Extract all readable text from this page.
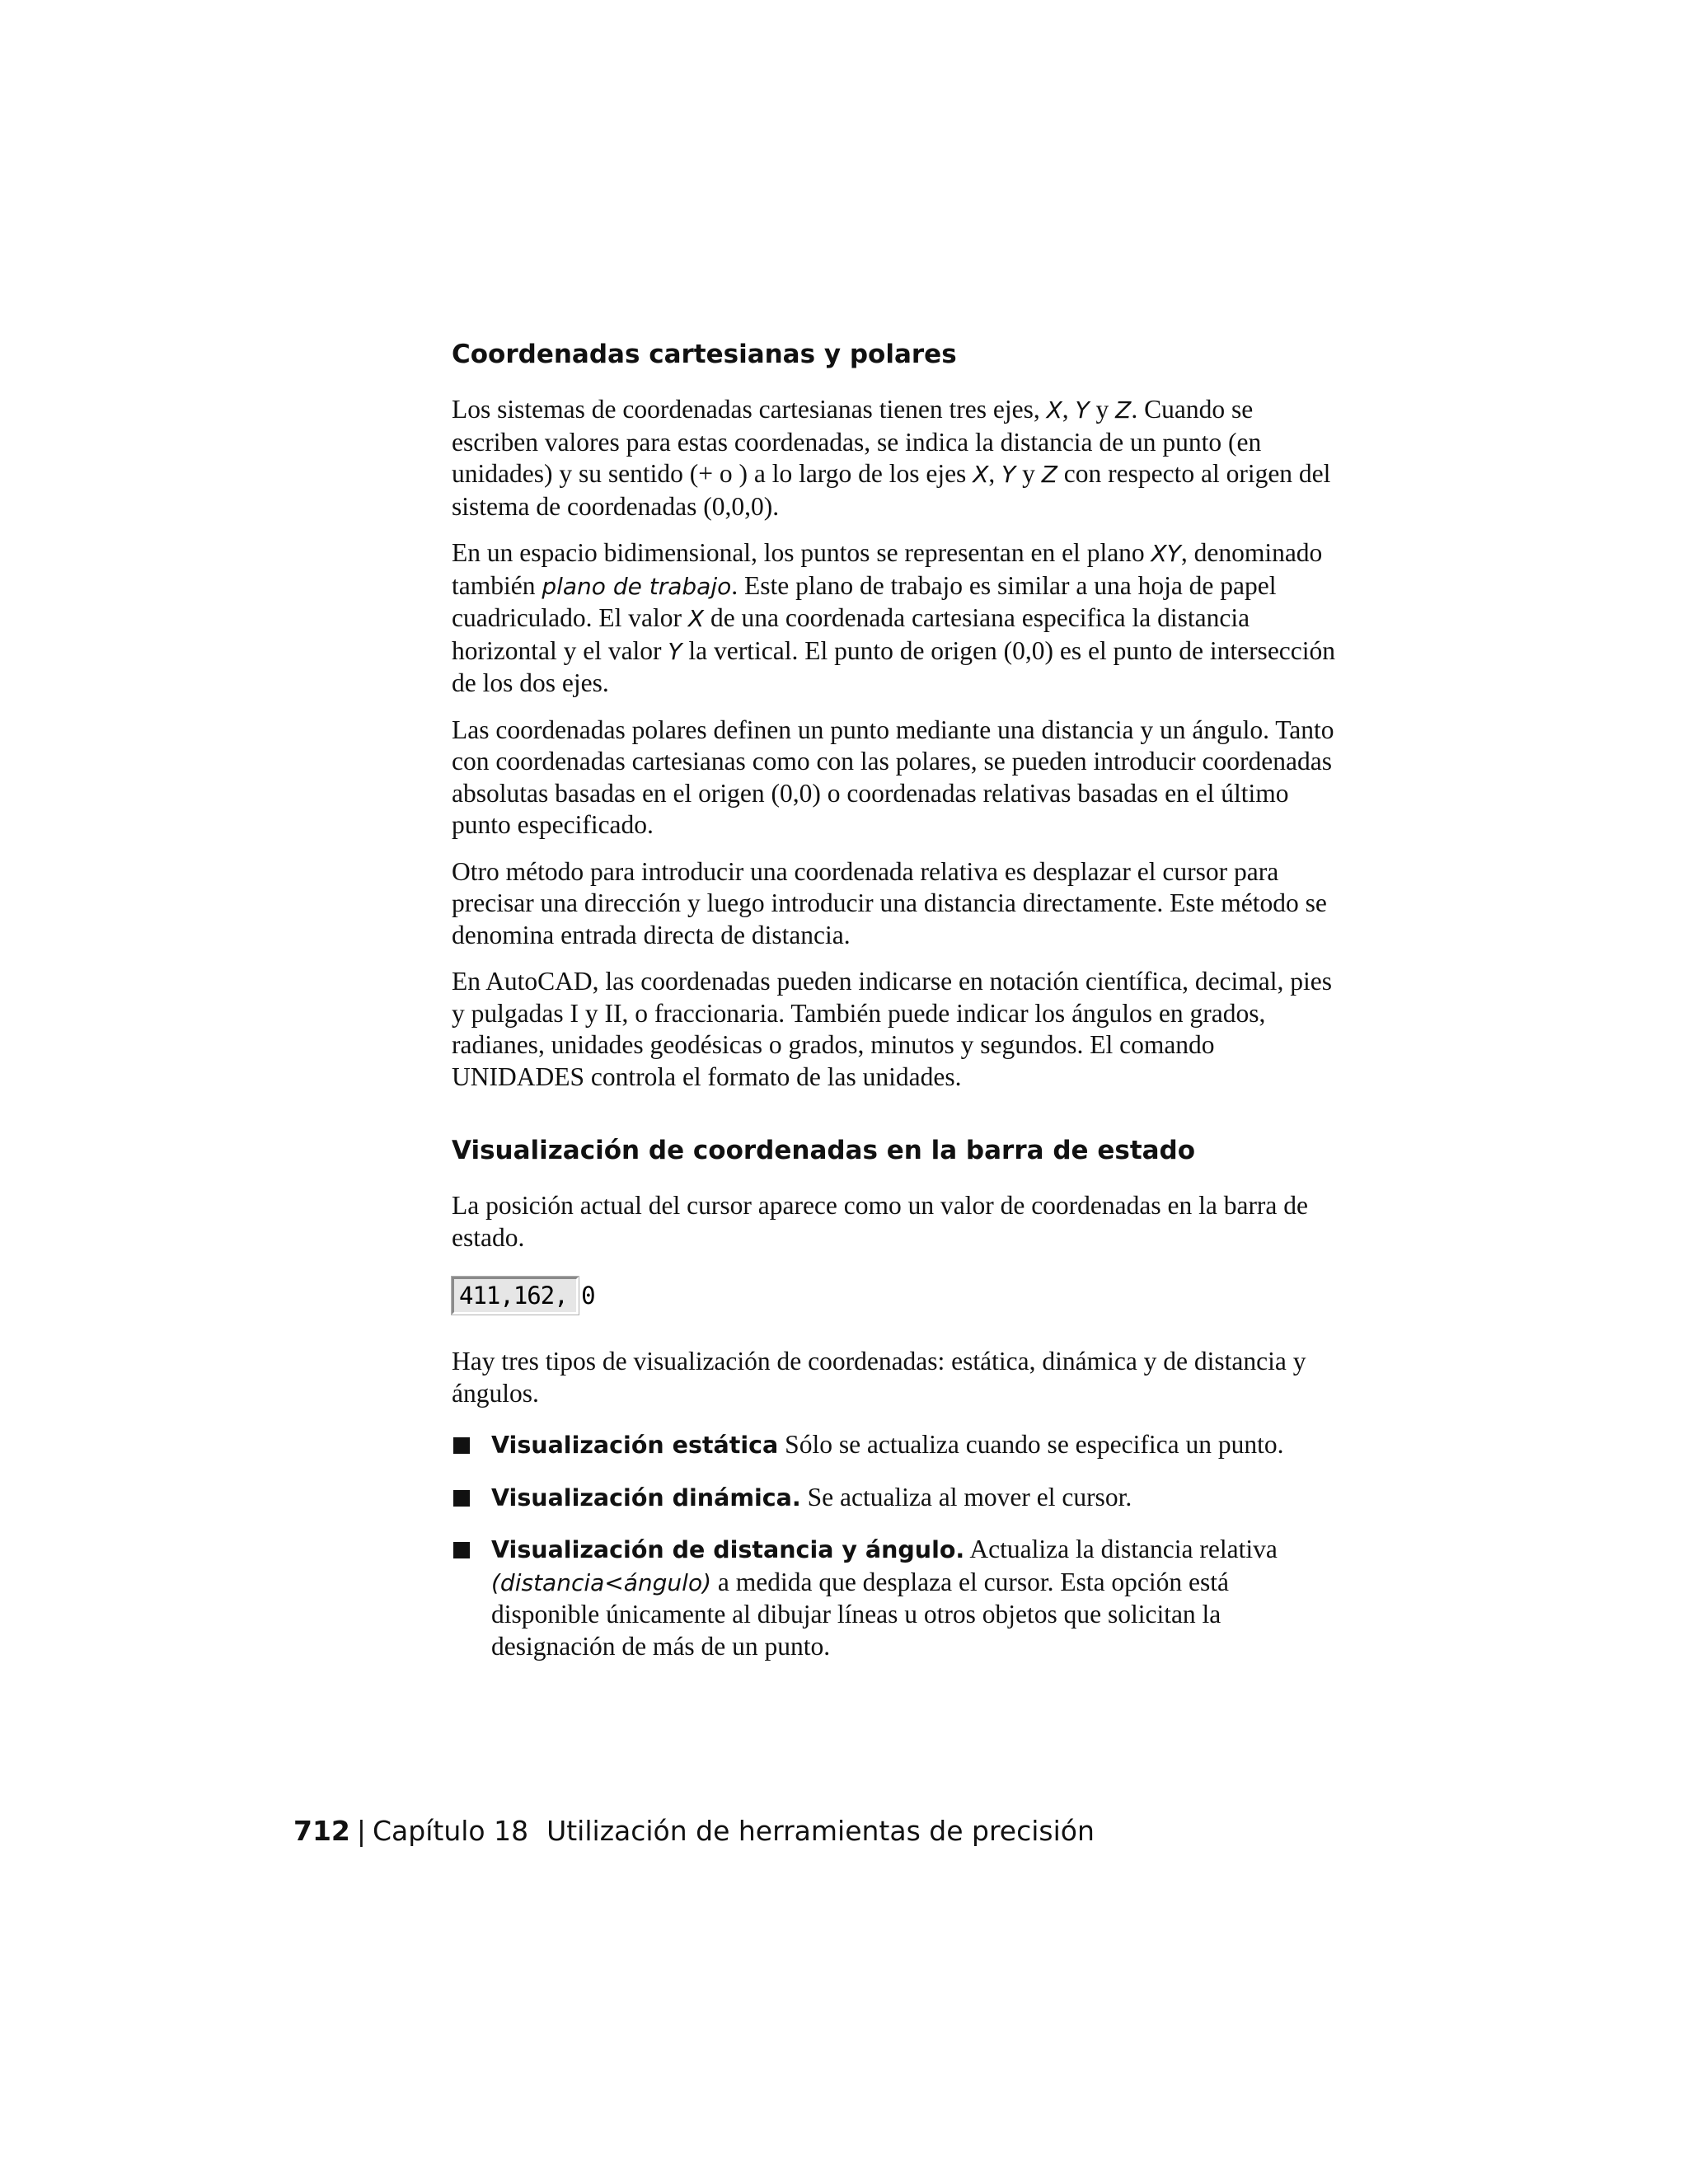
Coordenadas cartesianas y polares

Los sistemas de coordenadas cartesianas tienen tres ejes, X, Y y Z. Cuando se escriben valores para estas coordenadas, se indica la distancia de un punto (en unidades) y su sentido (+ o ) a lo largo de los ejes X, Y y Z con respecto al origen del sistema de coordenadas (0,0,0).

En un espacio bidimensional, los puntos se representan en el plano XY, denominado también plano de trabajo. Este plano de trabajo es similar a una hoja de papel cuadriculado. El valor X de una coordenada cartesiana especifica la distancia horizontal y el valor Y la vertical. El punto de origen (0,0) es el punto de intersección de los dos ejes.

Las coordenadas polares definen un punto mediante una distancia y un ángulo. Tanto con coordenadas cartesianas como con las polares, se pueden introducir coordenadas absolutas basadas en el origen (0,0) o coordenadas relativas basadas en el último punto especificado.

Otro método para introducir una coordenada relativa es desplazar el cursor para precisar una dirección y luego introducir una distancia directamente. Este método se denomina entrada directa de distancia.

En AutoCAD, las coordenadas pueden indicarse en notación científica, decimal, pies y pulgadas I y II, o fraccionaria. También puede indicar los ángulos en grados, radianes, unidades geodésicas o grados, minutos y segundos. El comando UNIDADES controla el formato de las unidades.

Visualización de coordenadas en la barra de estado

La posición actual del cursor aparece como un valor de coordenadas en la barra de estado.

411,162, 0

Hay tres tipos de visualización de coordenadas: estática, dinámica y de distancia y ángulos.

Visualización estática Sólo se actualiza cuando se especifica un punto.
Visualización dinámica. Se actualiza al mover el cursor.
Visualización de distancia y ángulo. Actualiza la distancia relativa (distancia<ángulo) a medida que desplaza el cursor. Esta opción está disponible únicamente al dibujar líneas u otros objetos que solicitan la designación de más de un punto.
712 | Capítulo 18 Utilización de herramientas de precisión
